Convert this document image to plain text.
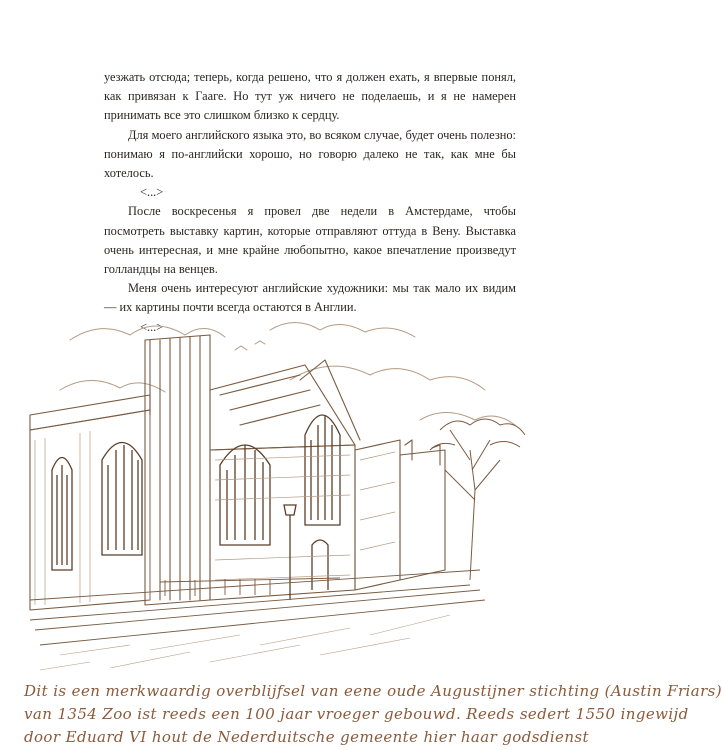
уезжать отсюда; теперь, когда решено, что я должен ехать, я впервые понял, как привязан к Гааге. Но тут уж ничего не поделаешь, и я не намерен принимать все это слишком близко к сердцу.

Для моего английского языка это, во всяком случае, будет очень полезно: понимаю я по-английски хорошо, но говорю далеко не так, как мне бы хотелось.

<...>

После воскресенья я провел две недели в Амстердаме, чтобы посмотреть выставку картин, которые отправляют оттуда в Вену. Выставка очень интересная, и мне крайне любопытно, какое впечатление произведут голландцы на венцев.

Меня очень интересуют английские художники: мы так мало их видим — их картины почти всегда остаются в Англии.

<...>

Dit is een merkwaardig overblijfsel van eene oude Augustijner stichting (Austin Friars)
van 1354 Zoo ist reeds een 100 jaar vroeger gebouwd. Reeds sedert 1550 ingewijd
door Eduard VI hout de Nederduitsche gemeente hier haar godsdienst
